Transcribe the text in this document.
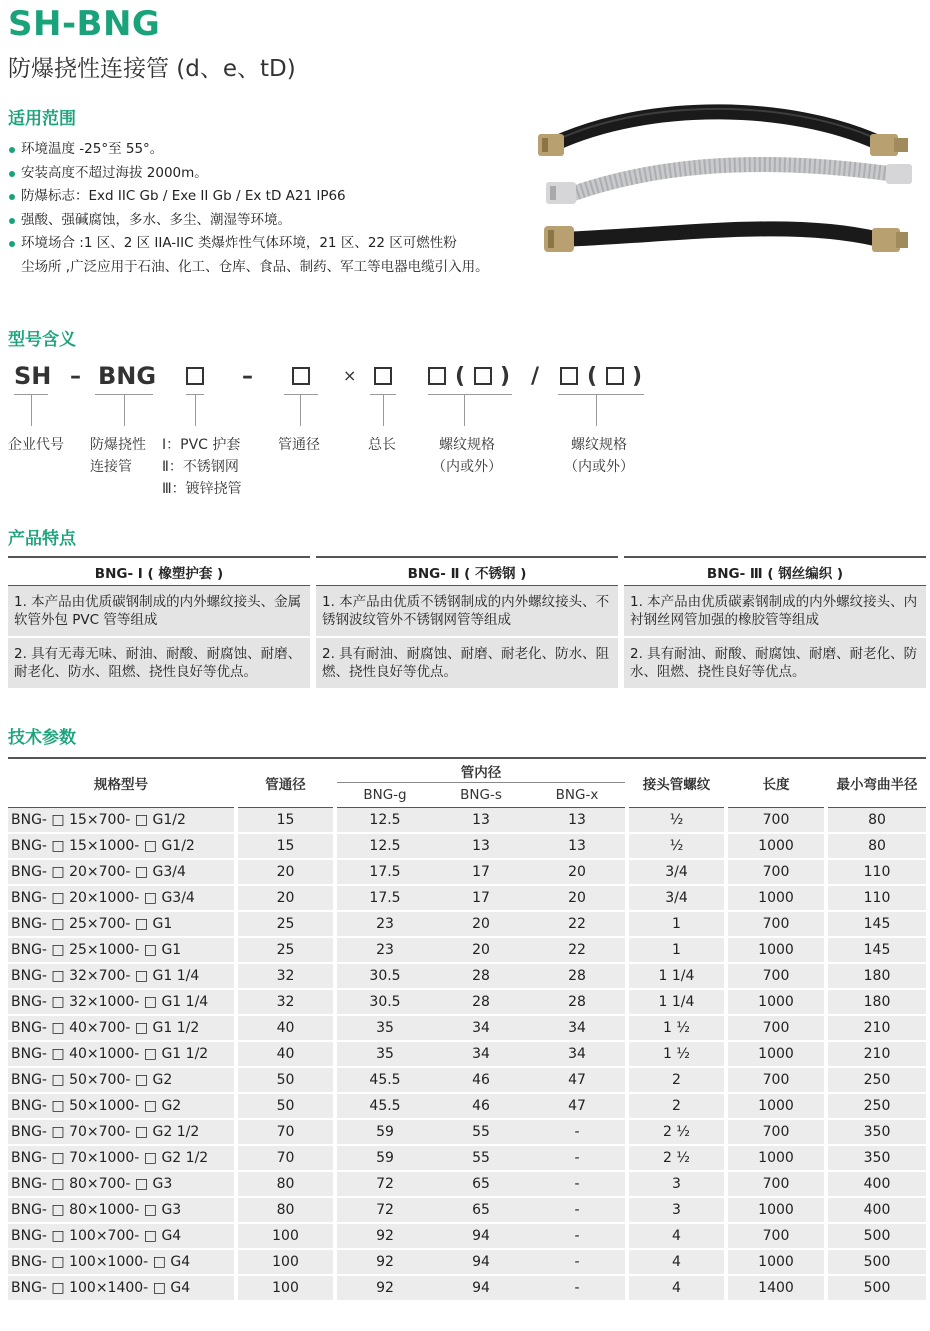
SH-BNG
防爆挠性连接管 (d、e、tD)
适用范围
环境温度 -25°至 55°。
安装高度不超过海拔 2000m。
防爆标志：Exd IIC Gb / Exe II Gb / Ex tD A21 IP66
强酸、强碱腐蚀，多水、多尘、潮湿等环境。
环境场合 :1 区、2 区 IIA-IIC 类爆炸性气体环境，21 区、22 区可燃性粉
尘场所 ,广泛应用于石油、化工、仓库、食品、制药、军工等电器电缆引入用。
型号含义
SH – BNG	–	×	( ) / ( )
企业代号 防爆挠性
连接管
Ⅰ：PVC 护套
Ⅱ：不锈钢网
Ⅲ：镀锌挠管
管通径	总长	螺纹规格
（内或外）
螺纹规格
（内或外）
产品特点
BNG- Ⅰ ( 橡塑护套 )		BNG- Ⅱ ( 不锈钢 )		BNG- Ⅲ ( 钢丝编织 )
1. 本产品由优质碳钢制成的内外螺纹接头、金属软管外包 PVC 管等组成		1. 本产品由优质不锈钢制成的内外螺纹接头、不锈钢波纹管外不锈钢网管等组成		1. 本产品由优质碳素钢制成的内外螺纹接头、内衬钢丝网管加强的橡胶管等组成
2. 具有无毒无味、耐油、耐酸、耐腐蚀、耐磨、耐老化、防水、阻燃、挠性良好等优点。		2. 具有耐油、耐腐蚀、耐磨、耐老化、防水、阻燃、挠性良好等优点。		2. 具有耐油、耐酸、耐腐蚀、耐磨、耐老化、防水、阻燃、挠性良好等优点。
技术参数
规格型号		管通径		管内径				接头管螺纹		长度		最小弯曲半径
				BNG-g	BNG-s	BNG-x						
BNG- □ 15×700- □ G1/2		15		12.5	13	13		½		700		80
BNG- □ 15×1000- □ G1/2		15		12.5	13	13		½		1000		80
BNG- □ 20×700- □ G3/4		20		17.5	17	20		3/4		700		110
BNG- □ 20×1000- □ G3/4		20		17.5	17	20		3/4		1000		110
BNG- □ 25×700- □ G1		25		23	20	22		1		700		145
BNG- □ 25×1000- □ G1		25		23	20	22		1		1000		145
BNG- □ 32×700- □ G1 1/4		32		30.5	28	28		1 1/4		700		180
BNG- □ 32×1000- □ G1 1/4		32		30.5	28	28		1 1/4		1000		180
BNG- □ 40×700- □ G1 1/2		40		35	34	34		1 ½		700		210
BNG- □ 40×1000- □ G1 1/2		40		35	34	34		1 ½		1000		210
BNG- □ 50×700- □ G2		50		45.5	46	47		2		700		250
BNG- □ 50×1000- □ G2		50		45.5	46	47		2		1000		250
BNG- □ 70×700- □ G2 1/2		70		59	55	-		2 ½		700		350
BNG- □ 70×1000- □ G2 1/2		70		59	55	-		2 ½		1000		350
BNG- □ 80×700- □ G3		80		72	65	-		3		700		400
BNG- □ 80×1000- □ G3		80		72	65	-		3		1000		400
BNG- □ 100×700- □ G4		100		92	94	-		4		700		500
BNG- □ 100×1000- □ G4		100		92	94	-		4		1000		500
BNG- □ 100×1400- □ G4		100		92	94	-		4		1400		500
